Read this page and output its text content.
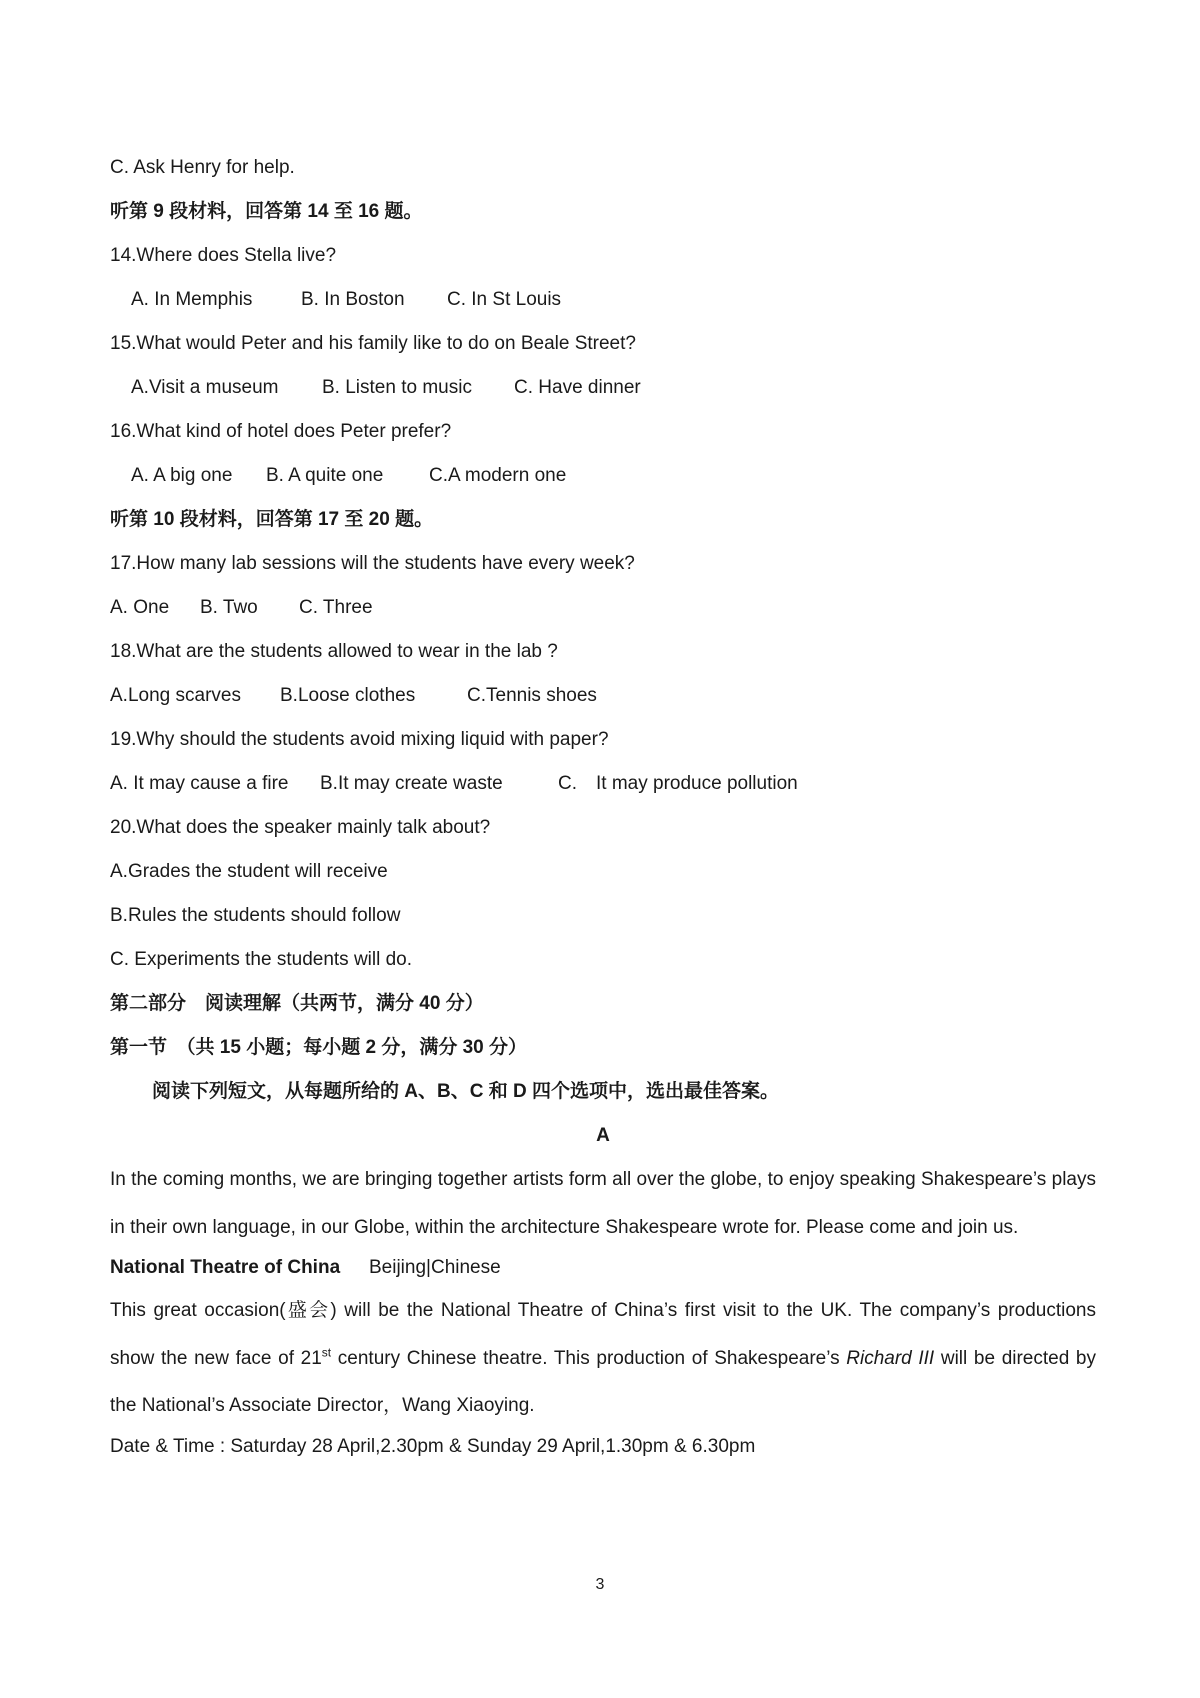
C. Ask Henry for help.
听第 9 段材料，回答第 14 至 16 题。
14.Where does Stella live?
A. In Memphis	B. In Boston C. In St Louis
15.What would Peter and his family like to do on Beale Street?
A.Visit a museum B. Listen to music C. Have dinner
16.What kind of hotel does Peter prefer?
A. A big one B. A quite one C.A modern one
听第 10 段材料，回答第 17 至 20 题。
17.How many lab sessions will the students have every week?
A. One B. Two C. Three
18.What are the students allowed to wear in the lab ?
A.Long scarves B.Loose clothes	C.Tennis shoes
19.Why should the students avoid mixing liquid with paper?
A. It may cause a fire B.It may create waste	C. It may produce pollution
20.What does the speaker mainly talk about?
A.Grades the student will receive
B.Rules the students should follow
C. Experiments the students will do.
第二部分　阅读理解（共两节，满分 40 分）
第一节　（共 15 小题；每小题 2 分，满分 30 分）
阅读下列短文，从每题所给的 A、B、C 和 D 四个选项中，选出最佳答案。
A
In the coming months, we are bringing together artists form all over the globe, to enjoy speaking Shakespeare’s plays in their own language, in our Globe, within the architecture Shakespeare wrote for. Please come and join us.
National Theatre of China Beijing|Chinese
This great occasion(盛会) will be the National Theatre of China’s first visit to the UK. The company’s productions show the new face of 21st century Chinese theatre. This production of Shakespeare’s Richard III will be directed by the National’s Associate Director，Wang Xiaoying.
Date & Time : Saturday 28 April,2.30pm & Sunday 29 April,1.30pm & 6.30pm
3
